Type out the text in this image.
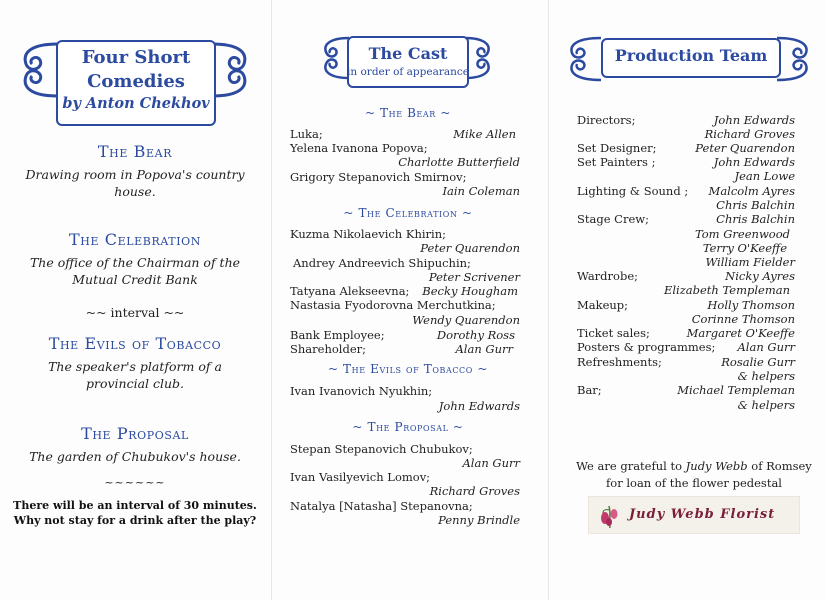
Four Short
Comedies
by Anton Chekhov
The Bear
Drawing room in Popova's country house.
The Celebration
The office of the Chairman of the Mutual Credit Bank
~~ interval ~~
The Evils of Tobacco
The speaker's platform of a provincial club.
The Proposal
The garden of Chubukov's house.
~~~~~~
There will be an interval of 30 minutes.
Why not stay for a drink after the play?
The Cast
in order of appearance
~ The Bear ~
Luka;	Mike Allen
Yelena Ivanona Popova;
Charlotte Butterfield
Grigory Stepanovich Smirnov;
Iain Coleman
~ The Celebration ~
Kuzma Nikolaevich Khirin;
Peter Quarendon
Andrey Andreevich Shipuchin;
Peter Scrivener
Tatyana Alekseevna; Becky Hougham
Nastasia Fyodorovna Merchutkina;
Wendy Quarendon
Bank Employee;	Dorothy Ross
Shareholder;	Alan Gurr
~ The Evils of Tobacco ~
Ivan Ivanovich Nyukhin;
John Edwards
~ The Proposal ~
Stepan Stepanovich Chubukov;
Alan Gurr
Ivan Vasilyevich Lomov;
Richard Groves
Natalya [Natasha] Stepanovna;
Penny Brindle
Production Team
Directors;	John Edwards
Richard Groves
Set Designer;	Peter Quarendon
Set Painters ;	John Edwards
Jean Lowe
Lighting & Sound ; Malcolm Ayres
Chris Balchin
Stage Crew;	Chris Balchin
Tom Greenwood
Terry O'Keeffe
William Fielder
Wardrobe;	Nicky Ayres
Elizabeth Templeman
Makeup;	Holly Thomson
Corinne Thomson
Ticket sales;	Margaret O'Keeffe
Posters & programmes; Alan Gurr
Refreshments;	Rosalie Gurr
& helpers
Bar;	Michael Templeman
& helpers
We are grateful to Judy Webb of Romsey
for loan of the flower pedestal
Judy Webb Florist
